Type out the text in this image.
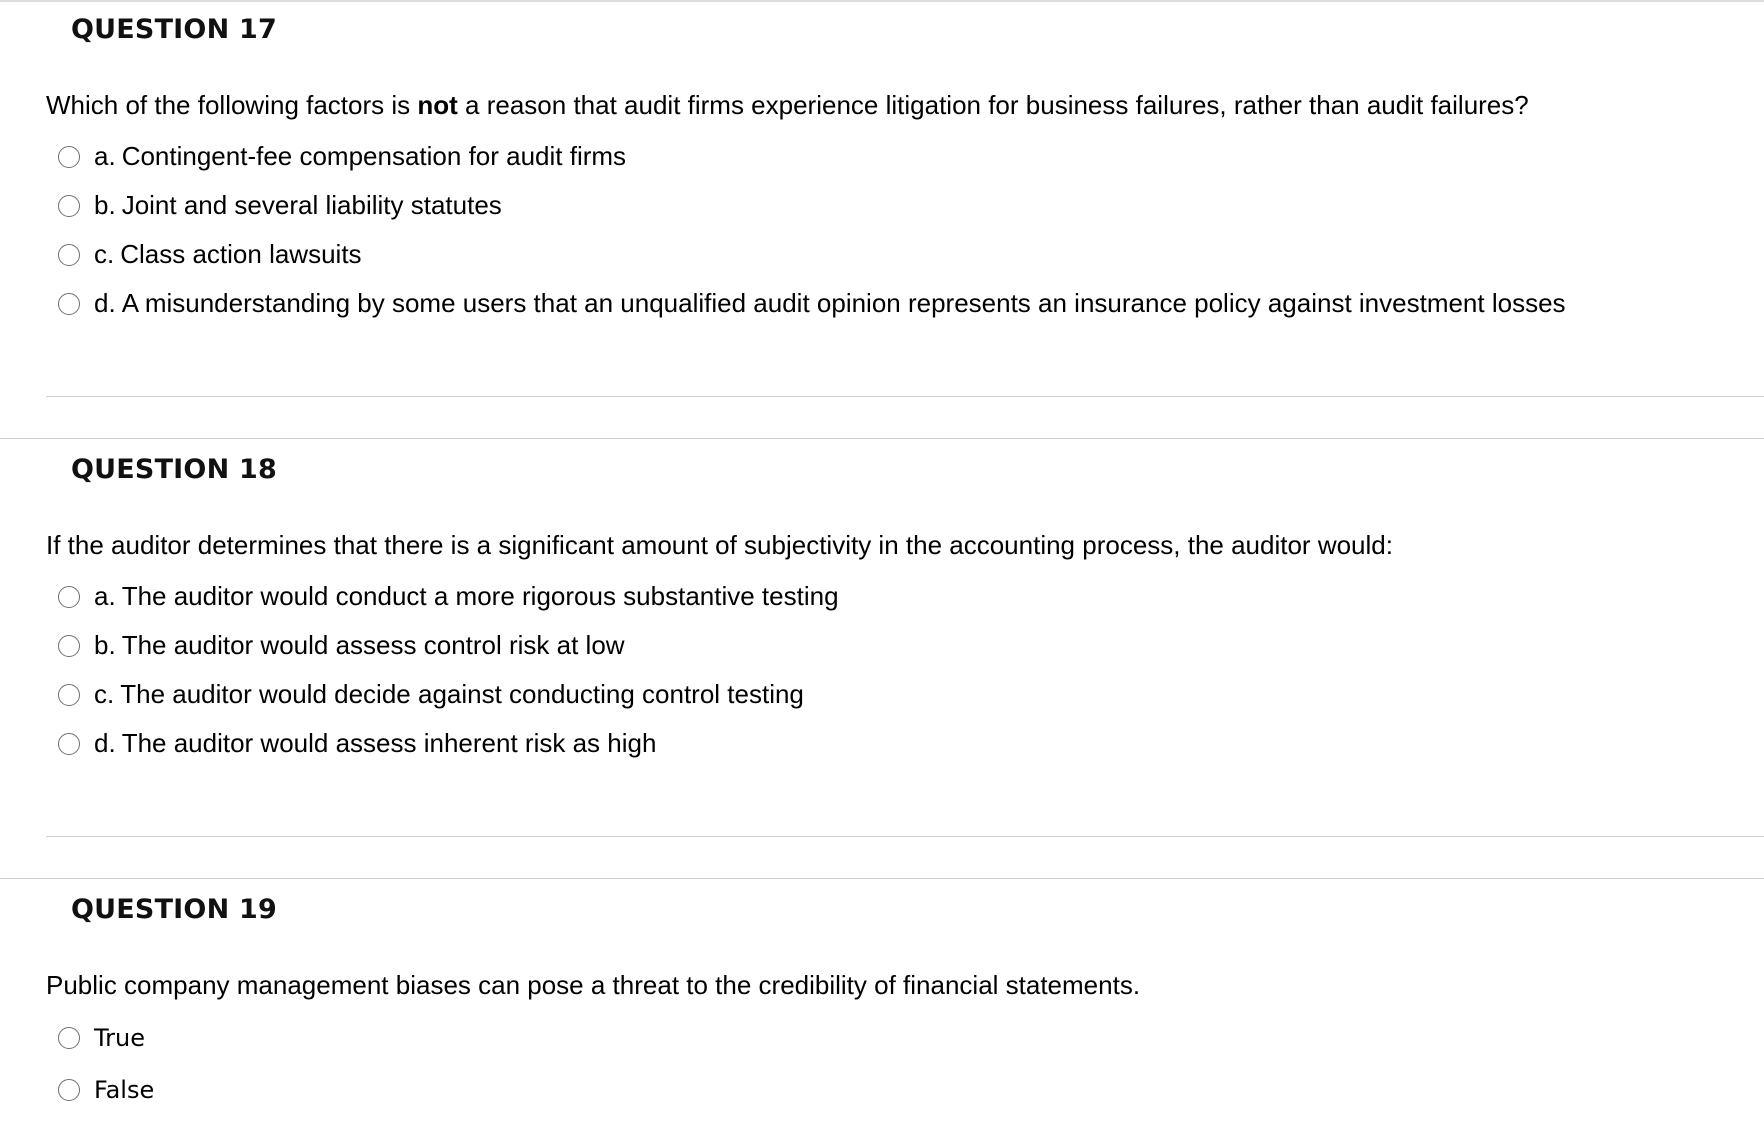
QUESTION 17
Which of the following factors is not a reason that audit firms experience litigation for business failures, rather than audit failures?
a. Contingent-fee compensation for audit firms
b. Joint and several liability statutes
c. Class action lawsuits
d. A misunderstanding by some users that an unqualified audit opinion represents an insurance policy against investment losses
QUESTION 18
If the auditor determines that there is a significant amount of subjectivity in the accounting process, the auditor would:
a. The auditor would conduct a more rigorous substantive testing
b. The auditor would assess control risk at low
c. The auditor would decide against conducting control testing
d. The auditor would assess inherent risk as high
QUESTION 19
Public company management biases can pose a threat to the credibility of financial statements.
True
False
